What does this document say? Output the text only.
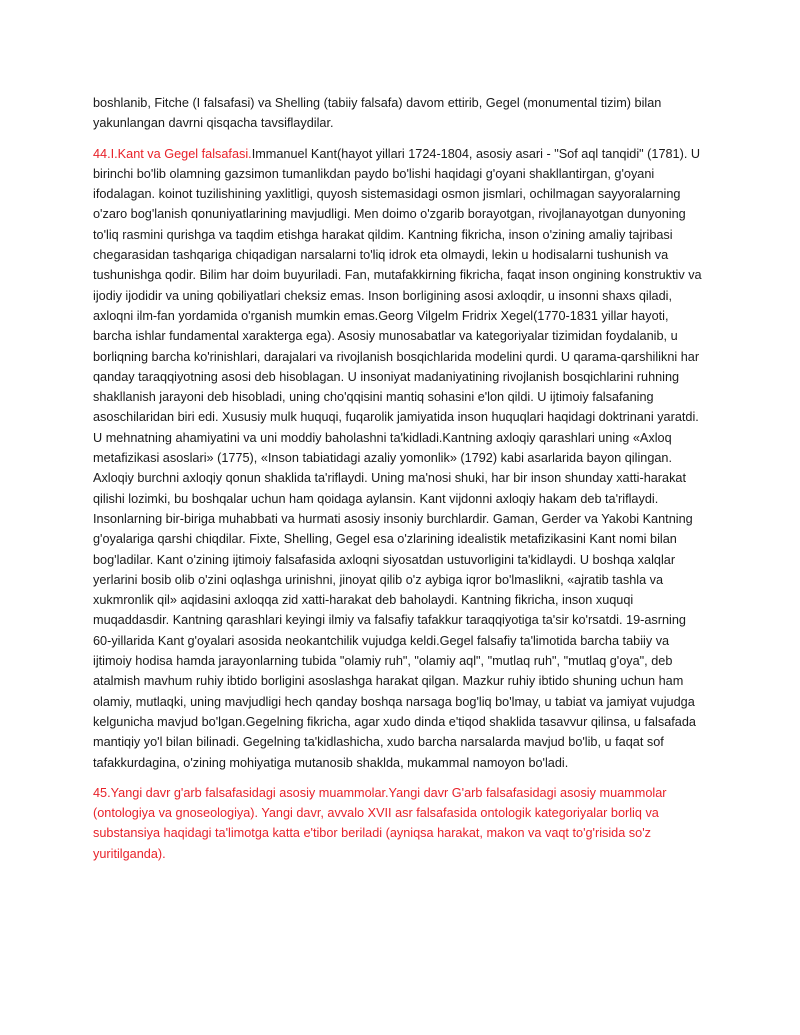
boshlanib, Fitche (I falsafasi) va Shelling (tabiiy falsafa) davom ettirib, Gegel (monumental tizim) bilan yakunlangan davrni qisqacha tavsiflaydilar.

44.I.Kant va Gegel falsafasi.Immanuel Kant(hayot yillari 1724-1804, asosiy asari - "Sof aql tanqidi" (1781). U birinchi bo'lib olamning gazsimon tumanlikdan paydo bo'lishi haqidagi g'oyani shakllantirgan, g'oyani ifodalagan. koinot tuzilishining yaxlitligi, quyosh sistemasidagi osmon jismlari, ochilmagan sayyoralarning o'zaro bog'lanish qonuniyatlarining mavjudligi. Men doimo o'zgarib borayotgan, rivojlanayotgan dunyoning to'liq rasmini qurishga va taqdim etishga harakat qildim. Kantning fikricha, inson o'zining amaliy tajribasi chegarasidan tashqariga chiqadigan narsalarni to'liq idrok eta olmaydi, lekin u hodisalarni tushunish va tushunishga qodir. Bilim har doim buyuriladi. Fan, mutafakkirning fikricha, faqat inson ongining konstruktiv va ijodiy ijodidir va uning qobiliyatlari cheksiz emas. Inson borligining asosi axloqdir, u insonni shaxs qiladi, axloqni ilm-fan yordamida o'rganish mumkin emas.Georg Vilgelm Fridrix Xegel(1770-1831 yillar hayoti, barcha ishlar fundamental xarakterga ega). Asosiy munosabatlar va kategoriyalar tizimidan foydalanib, u borliqning barcha ko'rinishlari, darajalari va rivojlanish bosqichlarida modelini qurdi. U qarama-qarshilikni har qanday taraqqiyotning asosi deb hisoblagan. U insoniyat madaniyatining rivojlanish bosqichlarini ruhning shakllanish jarayoni deb hisobladi, uning cho'qqisini mantiq sohasini e'lon qildi. U ijtimoiy falsafaning asoschilaridan biri edi. Xususiy mulk huquqi, fuqarolik jamiyatida inson huquqlari haqidagi doktrinani yaratdi. U mehnatning ahamiyatini va uni moddiy baholashni ta'kidladi.Kantning axloqiy qarashlari uning «Axloq metafizikasi asoslari» (1775), «Inson tabiatidagi azaliy yomonlik» (1792) kabi asarlarida bayon qilingan. Axloqiy burchni axloqiy qonun shaklida ta'riflaydi. Uning ma'nosi shuki, har bir inson shunday xatti-harakat qilishi lozimki, bu boshqalar uchun ham qoidaga aylansin. Kant vijdonni axloqiy hakam deb ta'riflaydi. Insonlarning bir-biriga muhabbati va hurmati asosiy insoniy burchlardir. Gaman, Gerder va Yakobi Kantning g'oyalariga qarshi chiqdilar. Fixte, Shelling, Gegel esa o'zlarining idealistik metafizikasini Kant nomi bilan bog'ladilar. Kant o'zining ijtimoiy falsafasida axloqni siyosatdan ustuvorligini ta'kidlaydi. U boshqa xalqlar yerlarini bosib olib o'zini oqlashga urinishni, jinoyat qilib o'z aybiga iqror bo'lmaslikni, «ajratib tashla va xukmronlik qil» aqidasini axloqqa zid xatti-harakat deb baholaydi. Kantning fikricha, inson xuquqi muqaddasdir. Kantning qarashlari keyingi ilmiy va falsafiy tafakkur taraqqiyotiga ta'sir ko'rsatdi. 19-asrning 60-yillarida Kant g'oyalari asosida neokantchilik vujudga keldi.Gegel falsafiy ta'limotida barcha tabiiy va ijtimoiy hodisa hamda jarayonlarning tubida "olamiy ruh", "olamiy aql", "mutlaq ruh", "mutlaq g'oya", deb atalmish mavhum ruhiy ibtido borligini asoslashga harakat qilgan. Mazkur ruhiy ibtido shuning uchun ham olamiy, mutlaqki, uning mavjudligi hech qanday boshqa narsaga bog'liq bo'lmay, u tabiat va jamiyat vujudga kelgunicha mavjud bo'lgan.Gegelning fikricha, agar xudo dinda e'tiqod shaklida tasavvur qilinsa, u falsafada mantiqiy yo'l bilan bilinadi. Gegelning ta'kidlashicha, xudo barcha narsalarda mavjud bo'lib, u faqat sof tafakkurdagina, o'zining mohiyatiga mutanosib shaklda, mukammal namoyon bo'ladi.

45.Yangi davr g'arb falsafasidagi asosiy muammolar.Yangi davr G'arb falsafasidagi asosiy muammolar (ontologiya va gnoseologiya). Yangi davr, avvalo XVII asr falsafasida ontologik kategoriyalar borliq va substansiya haqidagi ta'limotga katta e'tibor beriladi (ayniqsa harakat, makon va vaqt to'g'risida so'z yuritilganda).
